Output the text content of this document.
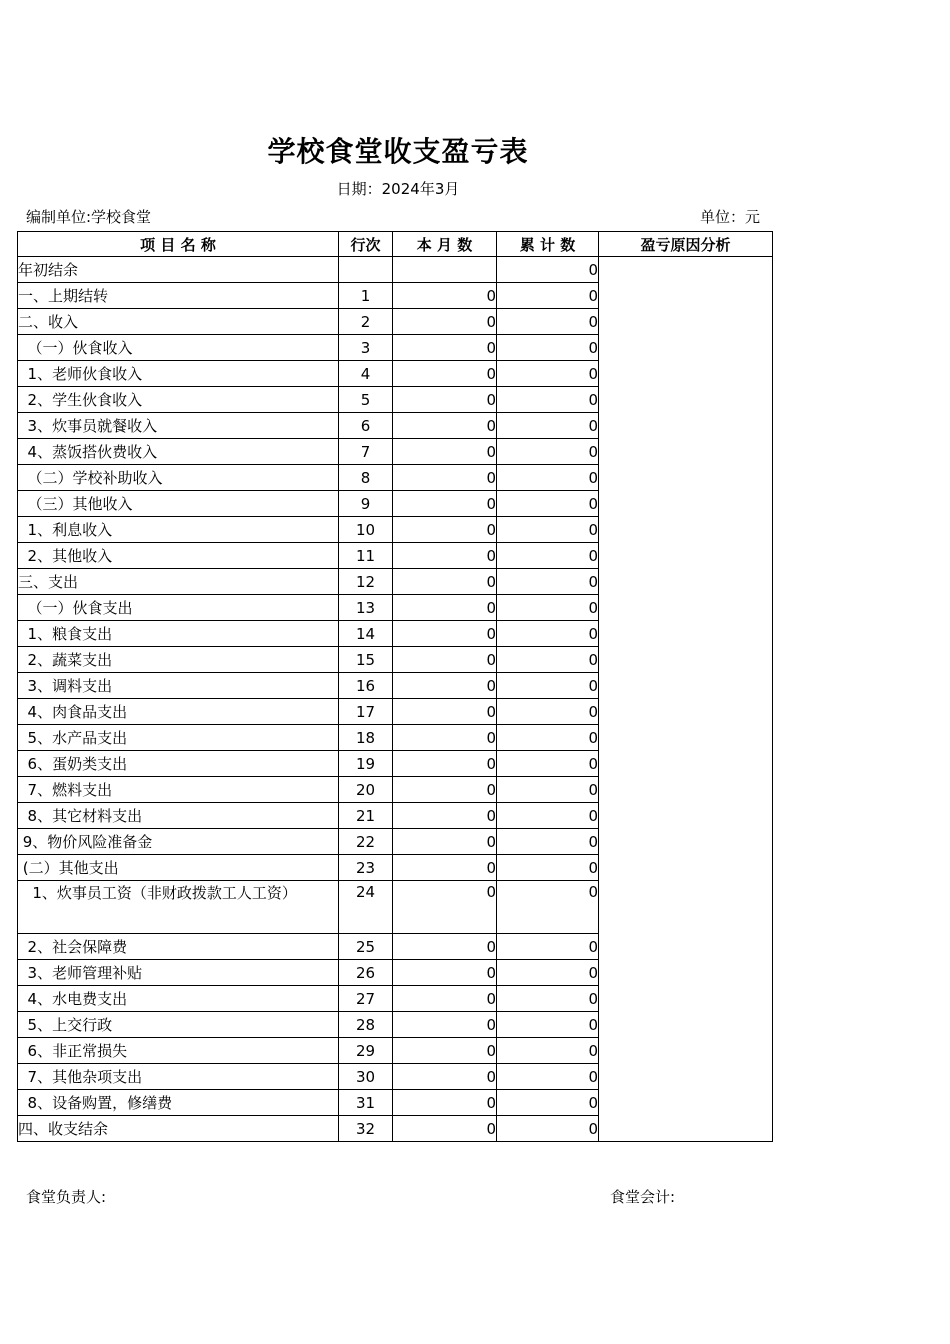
学校食堂收支盈亏表
日期：2024年3月
编制单位:学校食堂	单位：元
项 目 名 称	行次	本 月 数	累 计 数	盈亏原因分析
年初结余			0	
一、上期结转	1	0	0	
二、收入	2	0	0	
（一）伙食收入	3	0	0	
1、老师伙食收入	4	0	0	
2、学生伙食收入	5	0	0	
3、炊事员就餐收入	6	0	0	
4、蒸饭搭伙费收入	7	0	0	
（二）学校补助收入	8	0	0	
（三）其他收入	9	0	0	
1、利息收入	10	0	0	
2、其他收入	11	0	0	
三、支出	12	0	0	
（一）伙食支出	13	0	0	
1、粮食支出	14	0	0	
2、蔬菜支出	15	0	0	
3、调料支出	16	0	0	
4、肉食品支出	17	0	0	
5、水产品支出	18	0	0	
6、蛋奶类支出	19	0	0	
7、燃料支出	20	0	0	
8、其它材料支出	21	0	0	
9、物价风险准备金	22	0	0	
(二）其他支出	23	0	0	
1、炊事员工资（非财政拨款工人工资）	24	0	0	
2、社会保障费	25	0	0	
3、老师管理补贴	26	0	0	
4、水电费支出	27	0	0	
5、上交行政	28	0	0	
6、非正常损失	29	0	0	
7、其他杂项支出	30	0	0	
8、设备购置，修缮费	31	0	0	
四、收支结余	32	0	0	
食堂负责人:	食堂会计:
